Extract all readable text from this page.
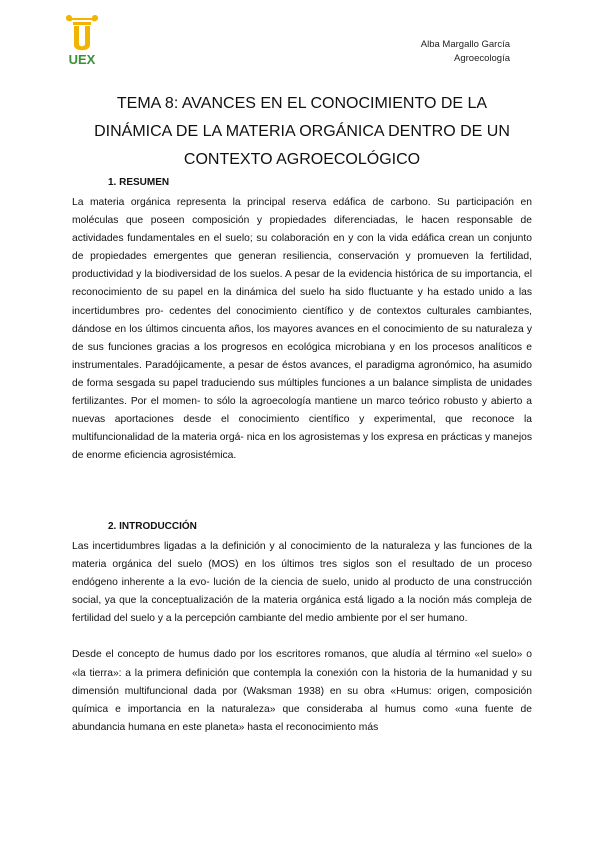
UEX
Alba Margallo García
Agroecología
TEMA 8: AVANCES EN EL CONOCIMIENTO DE LA
DINÁMICA DE LA MATERIA ORGÁNICA DENTRO DE UN
CONTEXTO AGROECOLÓGICO

1. RESUMEN

La materia orgánica representa la principal reserva edáfica de carbono. Su participación en moléculas que poseen composición y propiedades diferenciadas, le hacen responsable de actividades fundamentales en el suelo; su colaboración en y con la vida edáfica crean un conjunto de propiedades emergentes que generan resiliencia, conservación y promueven la fertilidad, productividad y la biodiversidad de los suelos. A pesar de la evidencia histórica de su importancia, el reconocimiento de su papel en la dinámica del suelo ha sido fluctuante y ha estado unido a las incertidumbres pro- cedentes del conocimiento científico y de contextos culturales cambiantes, dándose en los últimos cincuenta años, los mayores avances en el conocimiento de su naturaleza y de sus funciones gracias a los progresos en ecológica microbiana y en los procesos analíticos e instrumentales. Paradójicamente, a pesar de éstos avances, el paradigma agronómico, ha asumido de forma sesgada su papel traduciendo sus múltiples funciones a un balance simplista de unidades fertilizantes. Por el momen- to sólo la agroecología mantiene un marco teórico robusto y abierto a nuevas aportaciones desde el conocimiento científico y experimental, que reconoce la multifuncionalidad de la materia orgá- nica en los agrosistemas y los expresa en prácticas y manejos de enorme eficiencia agrosistémica.

2. INTRODUCCIÓN

Las incertidumbres ligadas a la definición y al conocimiento de la naturaleza y las funciones de la materia orgánica del suelo (MOS) en los últimos tres siglos son el resultado de un proceso endógeno inherente a la evo- lución de la ciencia de suelo, unido al producto de una construcción social, ya que la conceptualización de la materia orgánica está ligado a la noción más compleja de fertilidad del suelo y a la percepción cambiante del medio ambiente por el ser humano.

Desde el concepto de humus dado por los escritores romanos, que aludía al término «el suelo» o «la tierra»: a la primera definición que contempla la conexión con la historia de la humanidad y su dimensión multifuncional dada por (Waksman 1938) en su obra «Humus: origen, composición química e importancia en la naturaleza» que consideraba al humus como «una fuente de abundancia humana en este planeta» hasta el reconocimiento más
